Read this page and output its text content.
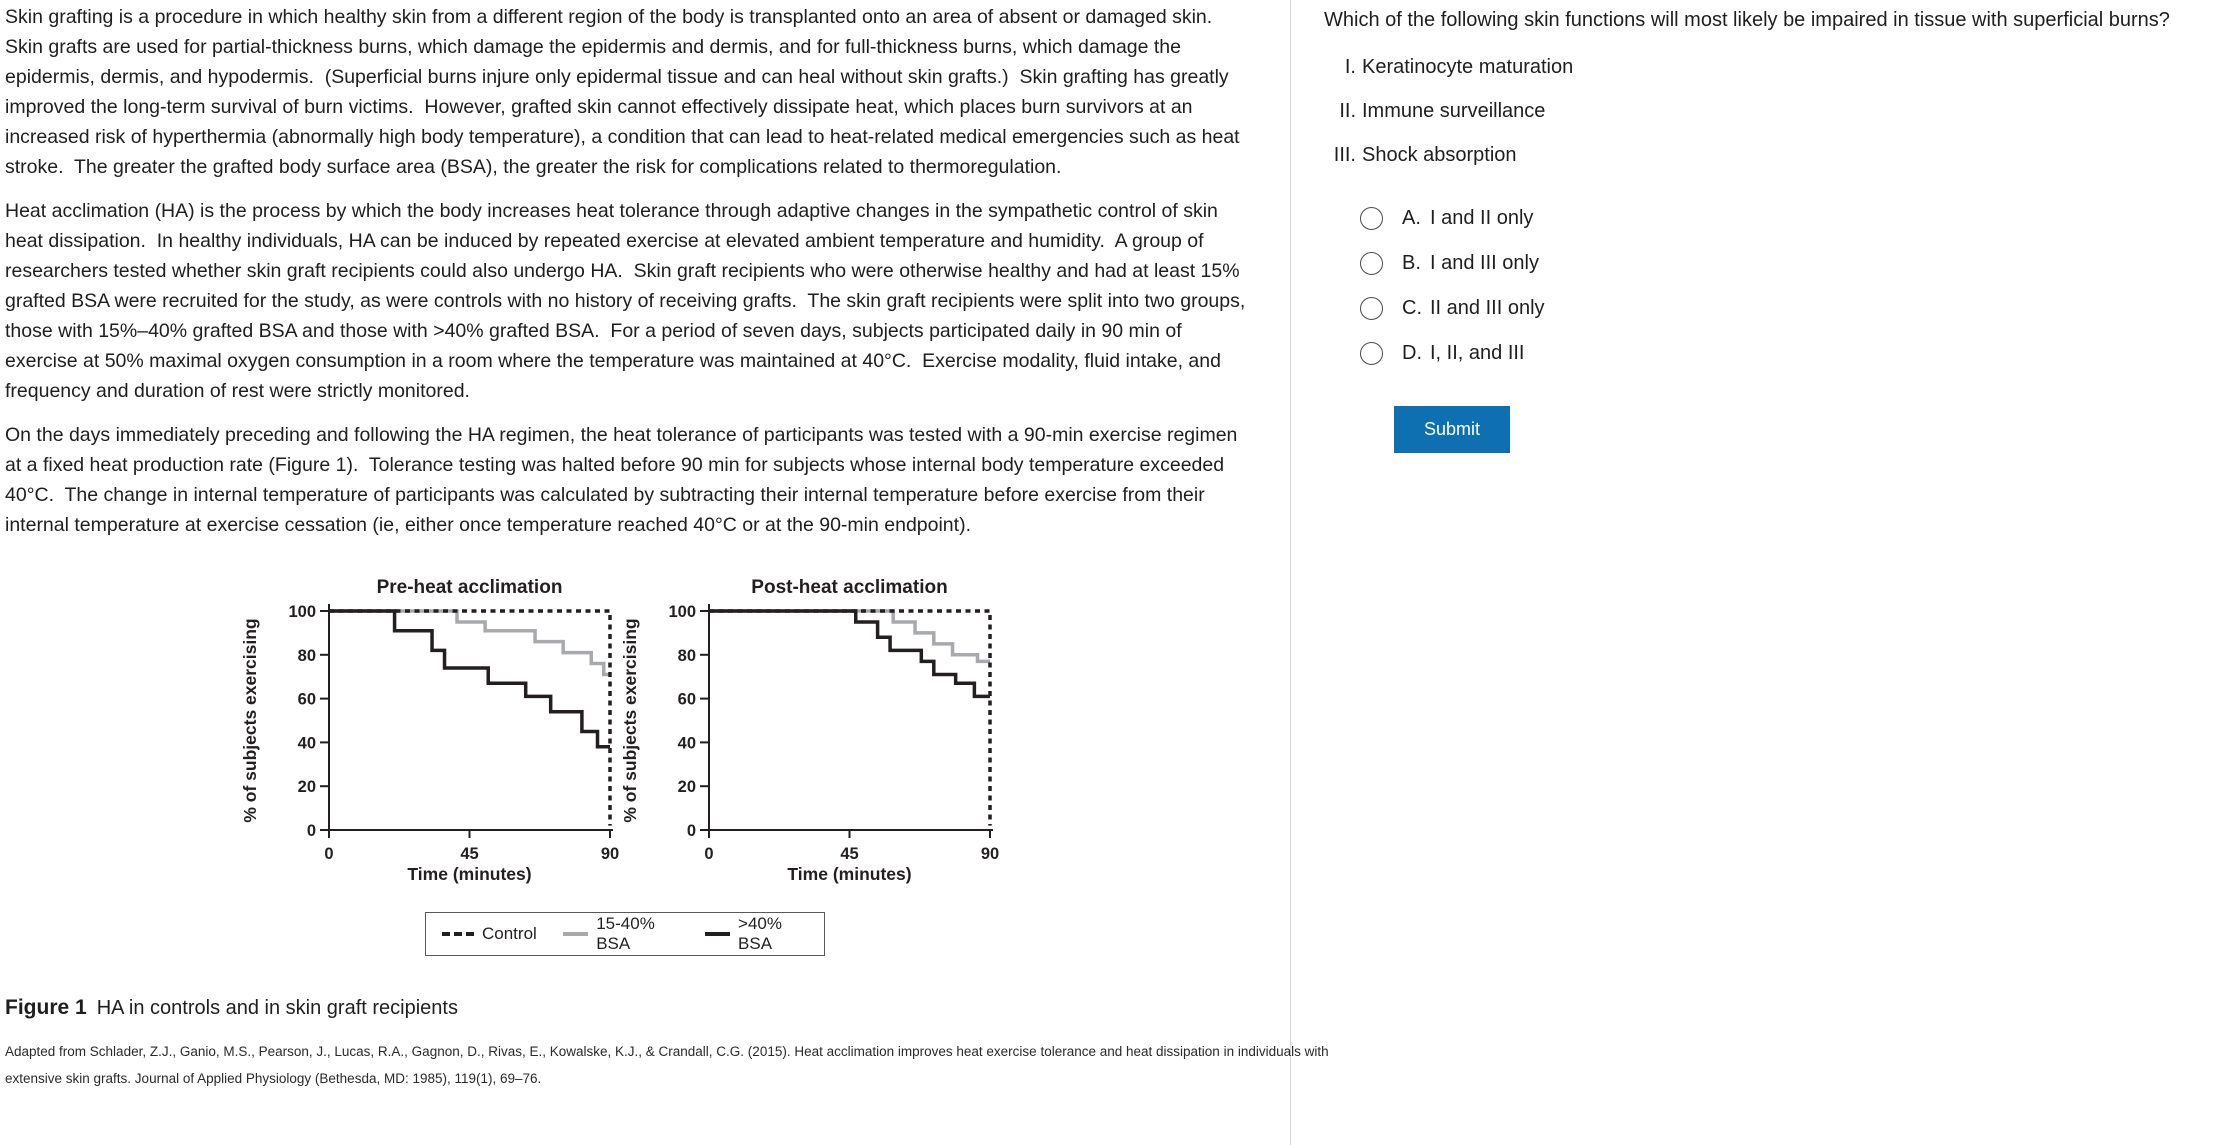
Skin grafting is a procedure in which healthy skin from a different region of the body is transplanted onto an area of absent or damaged skin.  Skin grafts are used for partial-thickness burns, which damage the epidermis and dermis, and for full-thickness burns, which damage the epidermis, dermis, and hypodermis.  (Superficial burns injure only epidermal tissue and can heal without skin grafts.)  Skin grafting has greatly improved the long-term survival of burn victims.  However, grafted skin cannot effectively dissipate heat, which places burn survivors at an increased risk of hyperthermia (abnormally high body temperature), a condition that can lead to heat-related medical emergencies such as heat stroke.  The greater the grafted body surface area (BSA), the greater the risk for complications related to thermoregulation.
Heat acclimation (HA) is the process by which the body increases heat tolerance through adaptive changes in the sympathetic control of skin heat dissipation.  In healthy individuals, HA can be induced by repeated exercise at elevated ambient temperature and humidity.  A group of researchers tested whether skin graft recipients could also undergo HA.  Skin graft recipients who were otherwise healthy and had at least 15% grafted BSA were recruited for the study, as were controls with no history of receiving grafts.  The skin graft recipients were split into two groups, those with 15%–40% grafted BSA and those with >40% grafted BSA.  For a period of seven days, subjects participated daily in 90 min of exercise at 50% maximal oxygen consumption in a room where the temperature was maintained at 40°C.  Exercise modality, fluid intake, and frequency and duration of rest were strictly monitored.
On the days immediately preceding and following the HA regimen, the heat tolerance of participants was tested with a 90-min exercise regimen at a fixed heat production rate (Figure 1).  Tolerance testing was halted before 90 min for subjects whose internal body temperature exceeded 40°C.  The change in internal temperature of participants was calculated by subtracting their internal temperature before exercise from their internal temperature at exercise cessation (ie, either once temperature reached 40°C or at the 90-min endpoint).
Pre-heat acclimation
% of subjects exercising
0
20
40
60
80
100
0	45	90
Time (minutes)
Post-heat acclimation
% of subjects exercising
0
20
40
60
80
100
0	45	90
Time (minutes)
Control
15-40% BSA
>40% BSA
Figure 1 HA in controls and in skin graft recipients
Adapted from Schlader, Z.J., Ganio, M.S., Pearson, J., Lucas, R.A., Gagnon, D., Rivas, E., Kowalske, K.J., & Crandall, C.G. (2015). Heat acclimation improves heat exercise tolerance and heat dissipation in individuals with
extensive skin grafts. Journal of Applied Physiology (Bethesda, MD: 1985), 119(1), 69–76.
Which of the following skin functions will most likely be impaired in tissue with superficial burns?
I. Keratinocyte maturation
II. Immune surveillance
III. Shock absorption
A. I and II only
B. I and III only
C. II and III only
D. I, II, and III
Submit
